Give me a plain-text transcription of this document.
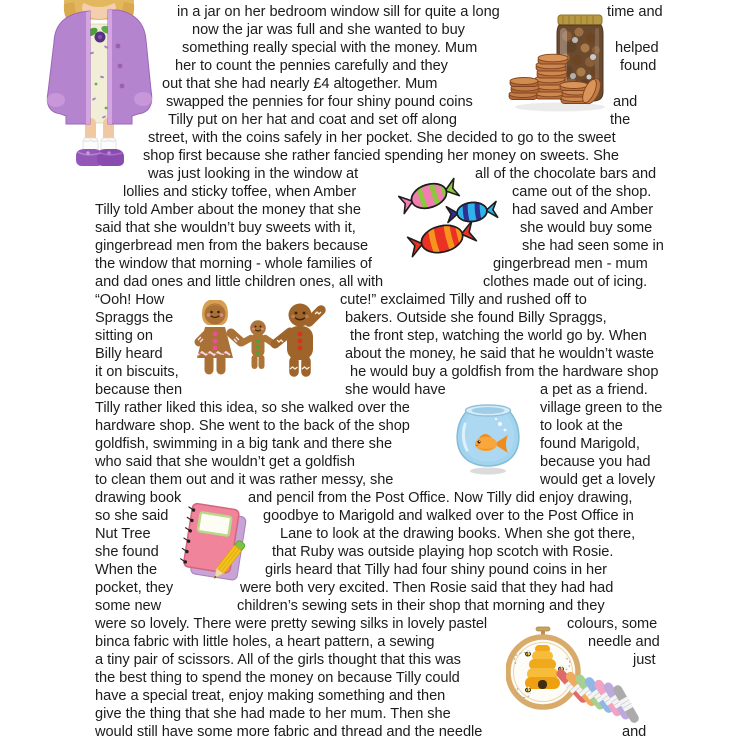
in a jar on her bedroom window sill for quite a long	time and
now the jar was full and she wanted to buy
something really special with the money. Mum	helped
her to count the pennies carefully and they	found
out that she had nearly £4 altogether. Mum
swapped the pennies for four shiny pound coins	and
Tilly put on her hat and coat and set off along	the
street, with the coins safely in her pocket. She decided to go to the sweet
shop first because she rather fancied spending her money on sweets. She
was just looking in the window at	all of the chocolate bars and
lollies and sticky toffee, when Amber	came out of the shop.
Tilly told Amber about the money that she	had saved and Amber
said that she wouldn’t buy sweets with it,	she would buy some
gingerbread men from the bakers because	she had seen some in
the window that morning - whole families of	gingerbread men - mum
and dad ones and little children ones, all with	clothes made out of icing.
“Ooh! How	cute!” exclaimed Tilly and rushed off to
Spraggs the	bakers. Outside she found Billy Spraggs,
sitting on	the front step, watching the world go by. When
Billy heard	about the money, he said that he wouldn’t waste
it on biscuits,	he would buy a goldfish from the hardware shop
because then	she would have	a pet as a friend.
Tilly rather liked this idea, so she walked over the	village green to the
hardware shop. She went to the back of the shop	to look at the
goldfish, swimming in a big tank and there she	found Marigold,
who said that she wouldn’t get a goldfish	because you had
to clean them out and it was rather messy, she	would get a lovely
drawing book	and pencil from the Post Office. Now Tilly did enjoy drawing,
so she said	goodbye to Marigold and walked over to the Post Office in
Nut Tree	Lane to look at the drawing books. When she got there,
she found	that Ruby was outside playing hop scotch with Rosie.
When the	girls heard that Tilly had four shiny pound coins in her
pocket, they	were both very excited. Then Rosie said that they had had
some new	children’s sewing sets in their shop that morning and they
were so lovely. There were pretty sewing silks in lovely pastel	colours, some
binca fabric with little holes, a heart pattern, a sewing	needle and
a tiny pair of scissors. All of the girls thought that this was	just
the best thing to spend the money on because Tilly could
have a special treat, enjoy making something and then
give the thing that she had made to her mum. Then she
would still have some more fabric and thread and the needle	and
